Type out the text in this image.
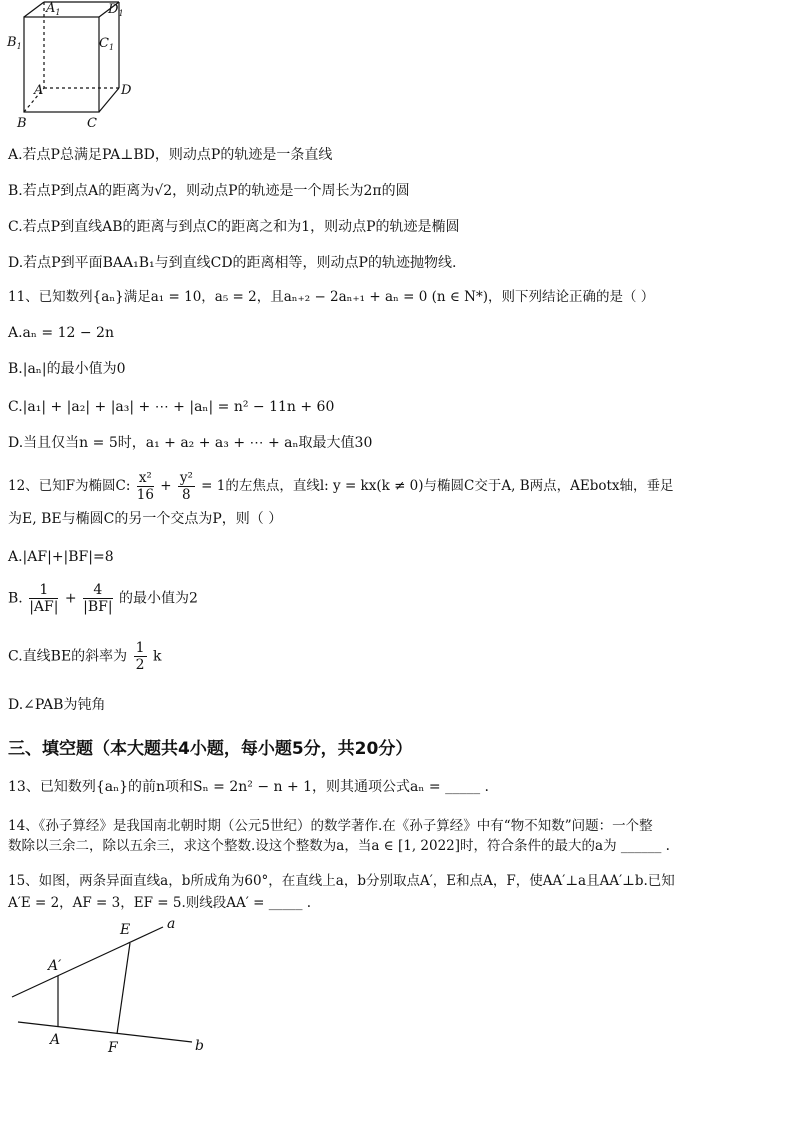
$A_1$	$D_1$
$B_1$	$C_1$
A	D
B	C
A.若点P总满足PA⊥BD，则动点P的轨迹是一条直线
B.若点P到点A的距离为√2，则动点P的轨迹是一个周长为2π的圆
C.若点P到直线AB的距离与到点C的距离之和为1，则动点P的轨迹是椭圆
D.若点P到平面BAA₁B₁与到直线CD的距离相等，则动点P的轨迹抛物线.
11、已知数列{aₙ}满足a₁ = 10，a₅ = 2，且aₙ₊₂ − 2aₙ₊₁ + aₙ = 0 (n ∈ N*)，则下列结论正确的是（ ）
A.aₙ = 12 − 2n
B.|aₙ|的最小值为0
C.|a₁| + |a₂| + |a₃| + ⋯ + |aₙ| = n² − 11n + 60
D.当且仅当n = 5时，a₁ + a₂ + a₃ + ⋯ + aₙ取最大值30
12、已知F为椭圆C: $\frac{\text{x²}}{16} + \frac{\text{y²}}{8} = 1$的左焦点，直线l: y = kx(k ≠ 0)与椭圆C交于A, B两点，AEbotx轴，垂足
为E, BE与椭圆C的另一个交点为P，则（ ）
A.|AF|+|BF|=8
B. $\frac{1}{|AF|} + \frac{4}{|BF|}$ 的最小值为2
C.直线BE的斜率为 $\frac{1}{2}$ k
D.∠PAB为钝角
三、填空题（本大题共4小题，每小题5分，共20分）
13、已知数列{aₙ}的前n项和Sₙ = 2n² − n + 1，则其通项公式aₙ = _____ .
14、《孙子算经》是我国南北朝时期（公元5世纪）的数学著作.在《孙子算经》中有“物不知数”问题：一个整
数除以三余二，除以五余三，求这个整数.设这个整数为a，当a ∈ [1, 2022]时，符合条件的最大的a为 ______ .
15、如图，两条异面直线a，b所成角为60°，在直线上a，b分别取点A′，E和点A，F，使AA′⊥a且AA′⊥b.已知
A′E = 2，AF = 3，EF = 5.则线段AA′ = _____ .
E	a
A′
A	F	b
